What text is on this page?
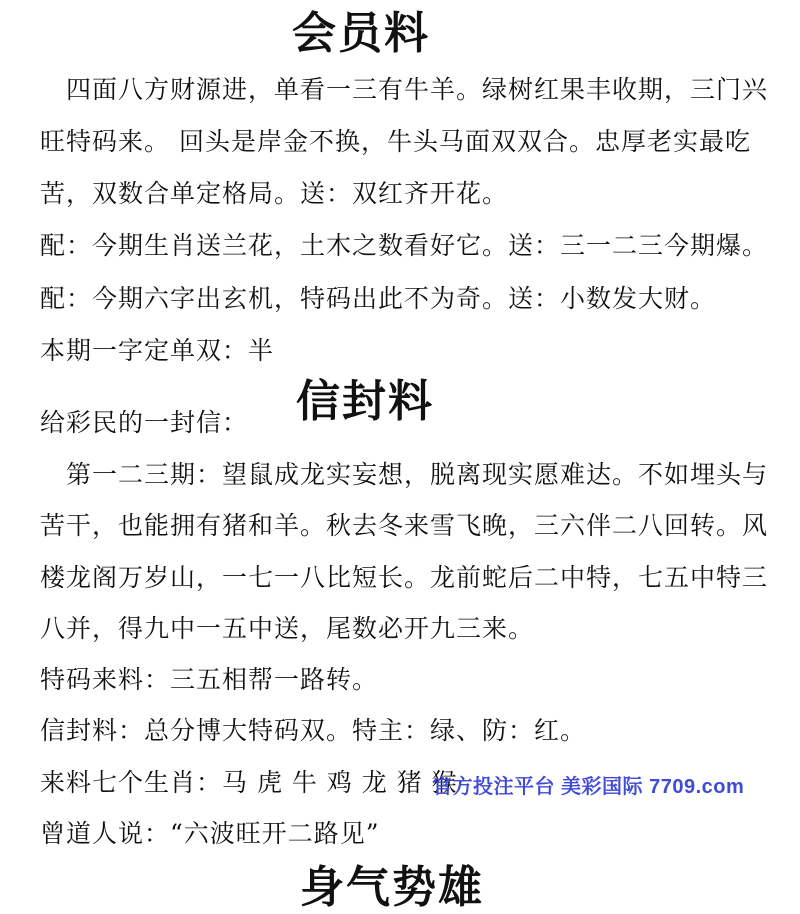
会员料
四面八方财源进，单看一三有牛羊。绿树红果丰收期，三门兴
旺特码来。 回头是岸金不换，牛头马面双双合。忠厚老实最吃
苦，双数合单定格局。送：双红齐开花。
配：今期生肖送兰花，土木之数看好它。送：三一二三今期爆。
配：今期六字出玄机，特码出此不为奇。送：小数发大财。
本期一字定单双：半
信封料
给彩民的一封信：
第一二三期：望鼠成龙实妄想，脱离现实愿难达。不如埋头与
苦干，也能拥有猪和羊。秋去冬来雪飞晚，三六伴二八回转。风
楼龙阁万岁山，一七一八比短长。龙前蛇后二中特，七五中特三
八并，得九中一五中送，尾数必开九三来。
特码来料：三五相帮一路转。
信封料：总分博大特码双。特主：绿、防：红。
来料七个生肖：马 虎 牛 鸡 龙 猪 猴
曾道人说：“六波旺开二路见”
身气势雄
官方投注平台 美彩国际 7709.com
